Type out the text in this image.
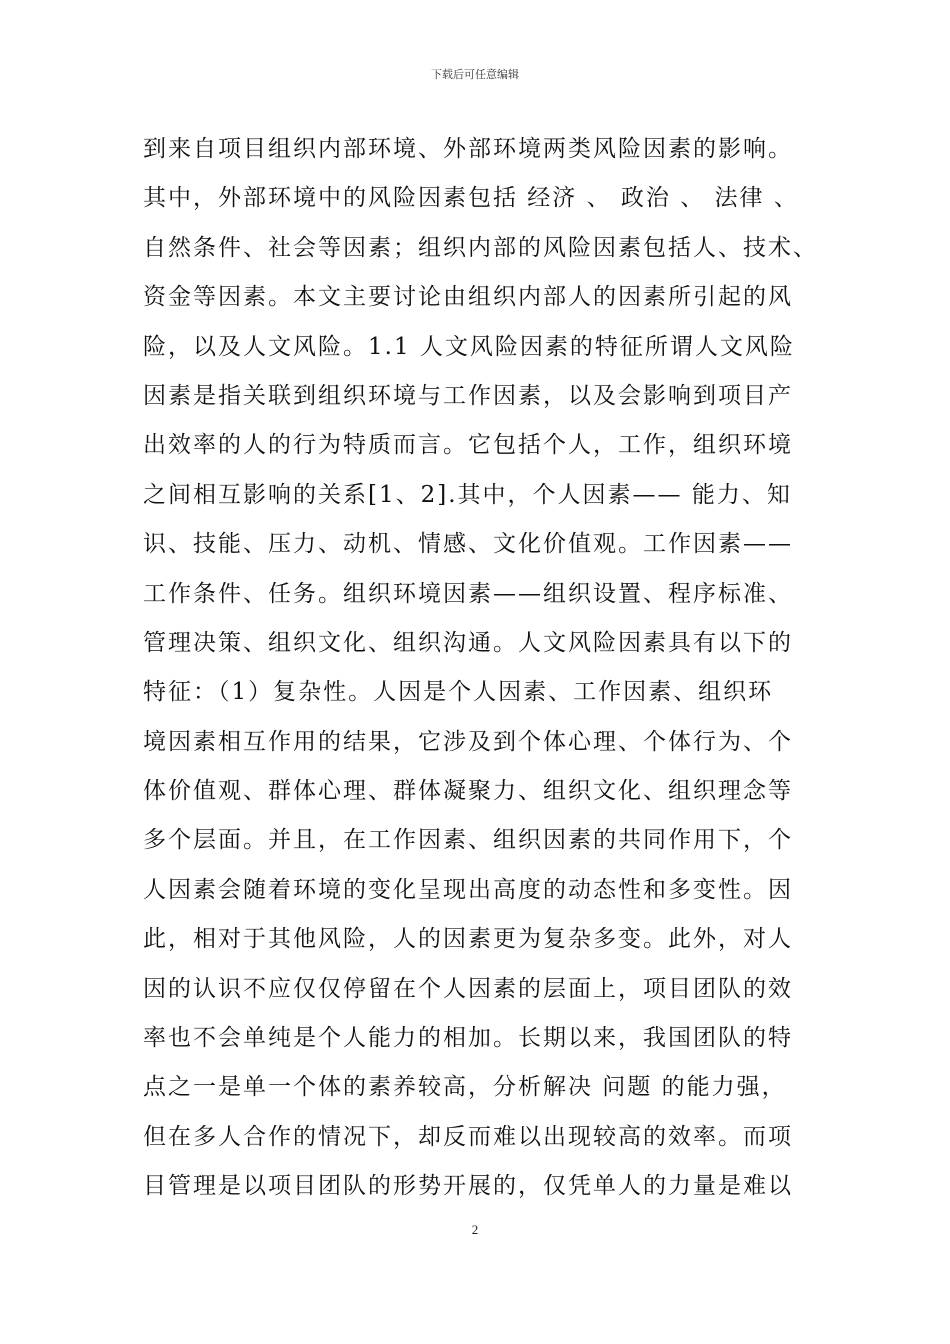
下载后可任意编辑
到来自项目组织内部环境、外部环境两类风险因素的影响。
其中，外部环境中的风险因素包括 经济 、 政治 、 法律 、
自然条件、社会等因素；组织内部的风险因素包括人、技术、
资金等因素。本文主要讨论由组织内部人的因素所引起的风
险，以及人文风险。1.1 人文风险因素的特征所谓人文风险
因素是指关联到组织环境与工作因素，以及会影响到项目产
出效率的人的行为特质而言。它包括个人，工作，组织环境
之间相互影响的关系[1、2].其中，个人因素—— 能力、知
识、技能、压力、动机、情感、文化价值观。工作因素——
工作条件、任务。组织环境因素——组织设置、程序标准、
管理决策、组织文化、组织沟通。人文风险因素具有以下的
特征：（1）复杂性。人因是个人因素、工作因素、组织环
境因素相互作用的结果，它涉及到个体心理、个体行为、个
体价值观、群体心理、群体凝聚力、组织文化、组织理念等
多个层面。并且，在工作因素、组织因素的共同作用下，个
人因素会随着环境的变化呈现出高度的动态性和多变性。因
此，相对于其他风险，人的因素更为复杂多变。此外，对人
因的认识不应仅仅停留在个人因素的层面上，项目团队的效
率也不会单纯是个人能力的相加。长期以来，我国团队的特
点之一是单一个体的素养较高，分析解决 问题 的能力强，
但在多人合作的情况下，却反而难以出现较高的效率。而项
目管理是以项目团队的形势开展的，仅凭单人的力量是难以
2
